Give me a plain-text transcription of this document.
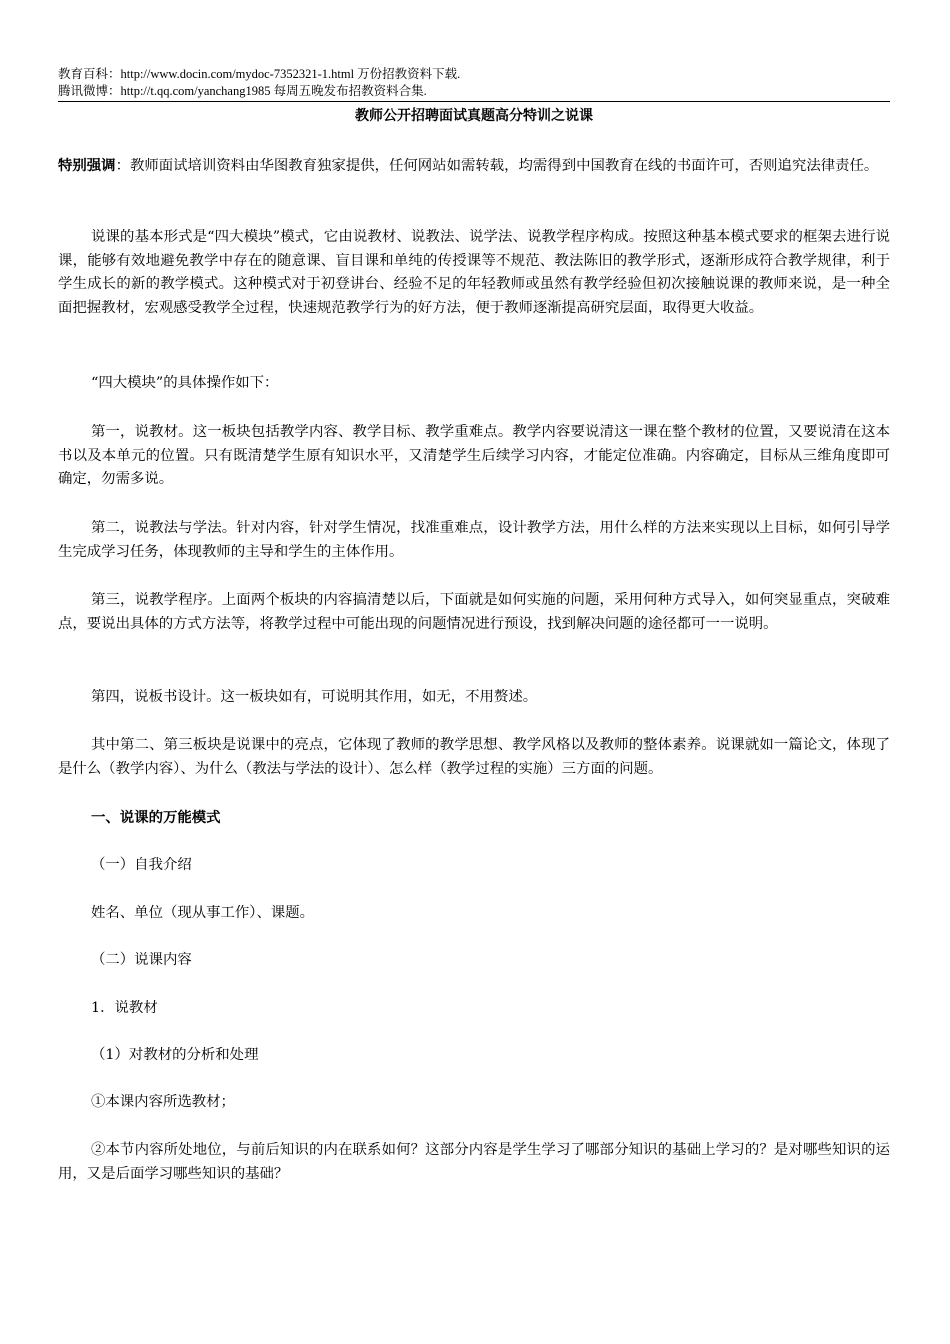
教育百科：http://www.docin.com/mydoc-7352321-1.html 万份招教资料下载.
腾讯微博：http://t.qq.com/yanchang1985 每周五晚发布招教资料合集.
教师公开招聘面试真题高分特训之说课

特别强调：教师面试培训资料由华图教育独家提供，任何网站如需转载，均需得到中国教育在线的书面许可，否则追究法律责任。

说课的基本形式是“四大模块”模式，它由说教材、说教法、说学法、说教学程序构成。按照这种基本模式要求的框架去进行说课，能够有效地避免教学中存在的随意课、盲目课和单纯的传授课等不规范、教法陈旧的教学形式，逐渐形成符合教学规律，利于学生成长的新的教学模式。这种模式对于初登讲台、经验不足的年轻教师或虽然有教学经验但初次接触说课的教师来说，是一种全面把握教材，宏观感受教学全过程，快速规范教学行为的好方法，便于教师逐渐提高研究层面，取得更大收益。

“四大模块”的具体操作如下：

第一，说教材。这一板块包括教学内容、教学目标、教学重难点。教学内容要说清这一课在整个教材的位置，又要说清在这本书以及本单元的位置。只有既清楚学生原有知识水平，又清楚学生后续学习内容，才能定位准确。内容确定，目标从三维角度即可确定，勿需多说。

第二，说教法与学法。针对内容，针对学生情况，找准重难点，设计教学方法，用什么样的方法来实现以上目标，如何引导学生完成学习任务，体现教师的主导和学生的主体作用。

第三，说教学程序。上面两个板块的内容搞清楚以后，下面就是如何实施的问题，采用何种方式导入，如何突显重点，突破难点，要说出具体的方式方法等，将教学过程中可能出现的问题情况进行预设，找到解决问题的途径都可一一说明。

第四，说板书设计。这一板块如有，可说明其作用，如无，不用赘述。

其中第二、第三板块是说课中的亮点，它体现了教师的教学思想、教学风格以及教师的整体素养。说课就如一篇论文，体现了是什么（教学内容）、为什么（教法与学法的设计）、怎么样（教学过程的实施）三方面的问题。

一、说课的万能模式

（一）自我介绍

姓名、单位（现从事工作）、课题。

（二）说课内容

1．说教材

（1）对教材的分析和处理

①本课内容所选教材；

②本节内容所处地位，与前后知识的内在联系如何？这部分内容是学生学习了哪部分知识的基础上学习的？是对哪些知识的运用，又是后面学习哪些知识的基础？
